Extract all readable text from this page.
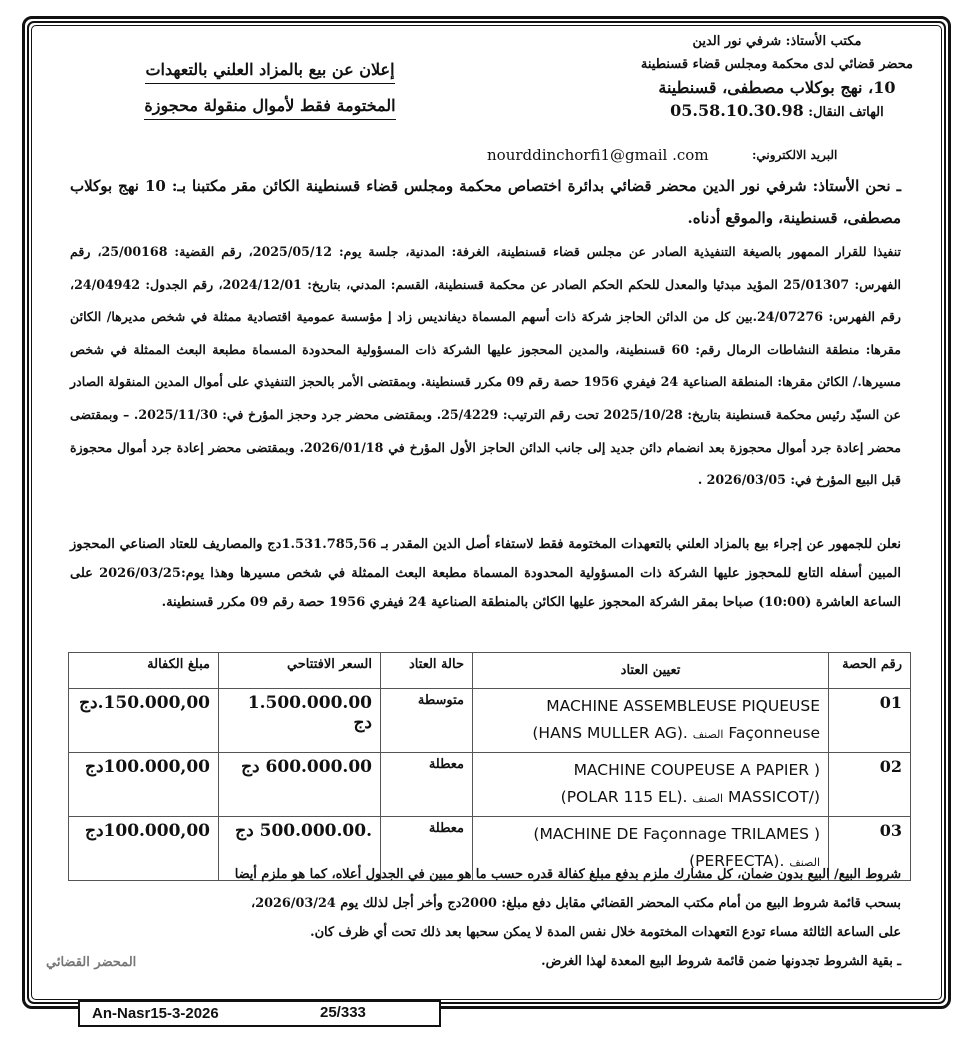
مكتب الأستاذ: شرفي نور الدين
محضر قضائي لدى محكمة ومجلس قضاء قسنطينة
10، نهج بوكلاب مصطفى، قسنطينة
الهاتف النقال: 05.58.10.30.98
إعلان عن بيع بالمزاد العلني بالتعهدات
المختومة فقط لأموال منقولة محجوزة
البريد الالكتروني:
nourddinchorfi1@gmail .com
ـ نحن الأستاذ: شرفي نور الدين محضر قضائي بدائرة اختصاص محكمة ومجلس قضاء قسنطينة الكائن مقر مكتبنا بـ: 10 نهج بوكلاب مصطفى، قسنطينة، والموقع أدناه.
تنفيذا للقرار الممهور بالصيغة التنفيذية الصادر عن مجلس قضاء قسنطينة، الغرفة: المدنية، جلسة يوم: 2025/05/12، رقم القضية: 25/00168، رقم الفهرس: 25/01307 المؤيد مبدئيا والمعدل للحكم الحكم الصادر عن محكمة قسنطينة، القسم: المدني، بتاريخ: 2024/12/01، رقم الجدول: 24/04942، رقم الفهرس: 24/07276.بين كل من الدائن الحاجز شركة ذات أسهم المسماة ديفانديس زاد إ مؤسسة عمومية اقتصادية ممثلة في شخص مديرها/ الكائن مقرها: منطقة النشاطات الرمال رقم: 60 قسنطينة، والمدين المحجوز عليها الشركة ذات المسؤولية المحدودة المسماة مطبعة البعث الممثلة في شخص مسيرها./ الكائن مقرها: المنطقة الصناعية 24 فيفري 1956 حصة رقم 09 مكرر قسنطينة. وبمقتضى الأمر بالحجز التنفيذي على أموال المدين المنقولة الصادر عن السيّد رئيس محكمة قسنطينة بتاريخ: 2025/10/28 تحت رقم الترتيب: 25/4229. وبمقتضى محضر جرد وحجز المؤرخ في: 2025/11/30. – وبمقتضى محضر إعادة جرد أموال محجوزة بعد انضمام دائن جديد إلى جانب الدائن الحاجز الأول المؤرخ في 2026/01/18. وبمقتضى محضر إعادة جرد أموال محجوزة قبل البيع المؤرخ في: 2026/03/05 .
نعلن للجمهور عن إجراء بيع بالمزاد العلني بالتعهدات المختومة فقط لاستفاء أصل الدين المقدر بـ 1.531.785,56دج والمصاريف للعتاد الصناعي المحجوز المبين أسفله التابع للمحجوز عليها الشركة ذات المسؤولية المحدودة المسماة مطبعة البعث الممثلة في شخص مسيرها وهذا يوم:2026/03/25 على الساعة العاشرة (10:00) صباحا بمقر الشركة المحجوز عليها الكائن بالمنطقة الصناعية 24 فيفري 1956 حصة رقم 09 مكرر قسنطينة.
رقم الحصة	تعيين العتاد	حالة العتاد	السعر الافتتاحي	مبلغ الكفالة
01	MACHINE ASSEMBLEUSE PIQUEUSE
(HANS MULLER AG). الصنف Façonneuse	متوسطة	1.500.000.00 دج	150.000,00.دج
02	MACHINE COUPEUSE A PAPIER )
(POLAR 115 EL). الصنف MASSICOT/)	معطلة	600.000.00 دج	100.000,00دج
03	(MACHINE DE Façonnage TRILAMES )
(PERFECTA). الصنف	معطلة	.500.000.00 دج	100.000,00دج
شروط البيع/ البيع بدون ضمان، كل مشارك ملزم بدفع مبلغ كفالة قدره حسب ما هو مبين في الجدول أعلاه، كما هو ملزم أيضا
بسحب قائمة شروط البيع من أمام مكتب المحضر القضائي مقابل دفع مبلغ: 2000دج وأخر أجل لذلك يوم 2026/03/24،
على الساعة الثالثة مساء تودع التعهدات المختومة خلال نفس المدة لا يمكن سحبها بعد ذلك تحت أي ظرف كان.
ـ بقية الشروط تجدونها ضمن قائمة شروط البيع المعدة لهذا الغرض.
المحضر القضائي
An-Nasr15-3-2026	25/333
